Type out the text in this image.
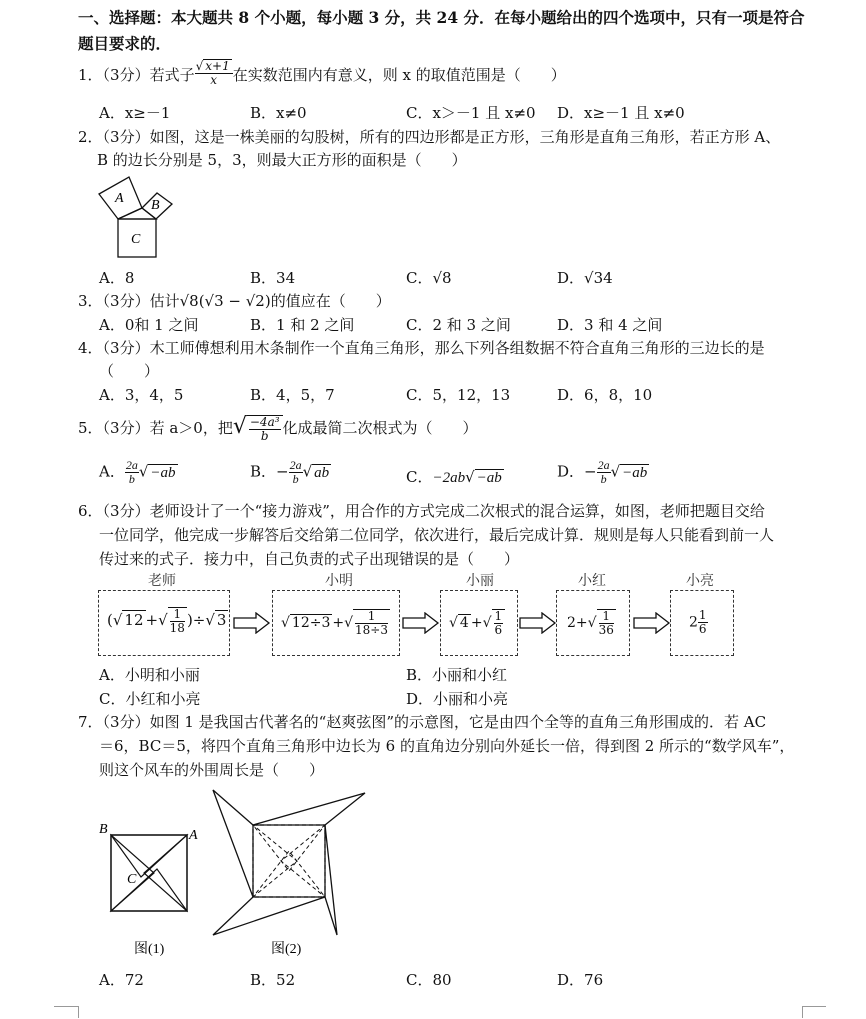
一、选择题：本大题共 8 个小题，每小题 3 分，共 24 分．在每小题给出的四个选项中，只有一项是符合
题目要求的．
1．（3分）若式子 $\frac{√ x+1}{x}$ 在实数范围内有意义，则 x 的取值范围是（　　）
A．x≥－1	B．x≠0	C．x＞－1 且 x≠0 D．x≥－1 且 x≠0
2．（3分）如图，这是一株美丽的勾股树，所有的四边形都是正方形，三角形是直角三角形，若正方形 A、
B 的边长分别是 5，3，则最大正方形的面积是（　　）
A B
C
A．8	B．34	C．√8	D．√34
3．（3分）估计√8(√3 − √2)的值应在（　　）
A．0和 1 之间	B．1 和 2 之间	C．2 和 3 之间	D．3 和 4 之间
4．（3分）木工师傅想利用木条制作一个直角三角形，那么下列各组数据不符合直角三角形的三边长的是
（　　）
A．3，4，5	B．4，5，7	C．5，12，13	D．6，8，10
5．（3分）若 a＞0，把√ $\frac{\text{−4a³}}{b}$ 化成最简二次根式为（　　）
A． $\frac{2a}{b}$ √ −ab	B．− $\frac{2a}{b}$ √ ab	C．−2ab√ −ab	D．− $\frac{2a}{b}$ √ −ab
6．（3分）老师设计了一个“接力游戏”，用合作的方式完成二次根式的混合运算，如图，老师把题目交给
一位同学，他完成一步解答后交给第二位同学，依次进行，最后完成计算．规则是每人只能看到前一人
传过来的式子．接力中，自己负责的式子出现错误的是（　　）
老师	小明	小丽	小红	小亮
(√ 12 +√ $\frac{1}{18}$ )÷√ 3	√ 12÷3 +√ $\frac{1}{18\div 3}$	√ 4 +√ $\frac{1}{6}$	$2+√ \frac{1}{36}$	$2 \frac{1}{6}$
A．小明和小丽	B．小丽和小红
C．小红和小亮	D．小丽和小亮
7．（3分）如图 1 是我国古代著名的“赵爽弦图”的示意图，它是由四个全等的直角三角形围成的．若 AC
＝6，BC＝5，将四个直角三角形中边长为 6 的直角边分别向外延长一倍，得到图 2 所示的“数学风车”，
则这个风车的外围周长是（　　）
B	A
C
图(1)	图(2)
A．72	B．52	C．80	D．76
